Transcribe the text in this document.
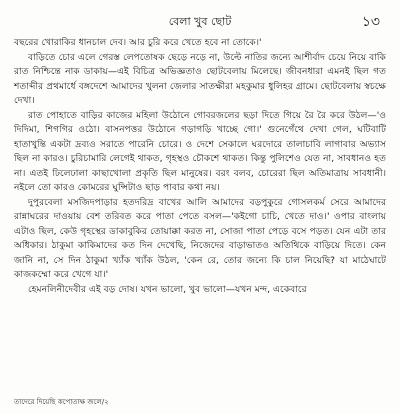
বেলা খুব ছোট	১৩

বছরের খোরাকির ধানচাল দেব। আর চুরি করে খেতে হবে না তোকে।'

বাড়িতে চোর এলে গেরস্ত লেপতোষক ছেড়ে নড়ে না, উল্টে নাতির জন্যে আশীর্বাদ চেয়ে নিয়ে বাকি রাত নিশ্চিন্তে নাক ডাকায়—এই বিচিত্র অভিজ্ঞতাও ছোটবেলায় মিলেছে। জীবনধারা এমনই ছিল গত শতাব্দীর প্রথমার্ধে বঙ্গদেশে আমাদের খুলনা জেলার সাতক্ষীরা মহকুমার ধুলিহর গ্রামে। ছোটবেলায় স্বচক্ষে দেখা।

রাত পোহাতে বাড়ির কাজের মহিলা উঠোনে গোবরজলের ছড়া দিতে গিয়ে রৈ রৈ করে উঠল—'ও দিদিমা, শিগগির ওঠো। বাসনপত্তর উঠোনে গড়াগড়ি খাচ্ছে গো।' গুনেগেঁথে দেখা গেল, ঘটিবাটি হাতাখুন্তি একটা দ্রব্যও সরাতে পারেনি চোরে। ও দেশে সেকালে ঘরদোরে তালাচাবি লাগাবার অভ্যাস ছিল না কারও। চুরিচামারি লেগেই থাকত, গৃহস্থও চৌকশে থাকত। কিন্তু পুলিশেও যেত না, সাবধানও হত না। এতই ঢিলেঢালা কাছাখোলা প্রকৃতি ছিল মানুষের। বরং বলব, চোরেরা ছিল অতিমাত্রায় সাবধানী। নইলে তো কারও কোমরের ঘুন্সিটাও ছাড় পাবার কথা নয়।

দুপুরবেলা মসজিদপাড়ার হতদরিদ্র বাখের আলি আমাদের বড়পুকুরে গোসলকর্ম সেরে আমাদের রান্নাঘরের দাওয়ায় বেশ তরিবত করে পাতা পেতে বসল—'কইগো চাচি, খেতে দাও।' ওপার বাংলায় এটাও ছিল, কেউ গৃহস্থের ডাকাবুকির তোয়াক্কা করত না, সোজা পাতা পেড়ে বসে পড়ত। যেন এটা তার অধিকার। ঠাকুমা কাকিমাদের কত দিন দেখেছি, নিজেদের বাড়াভাতও অতিথিকে বাড়িয়ে দিতে। কেন জানি না, সে দিন ঠাকুমা খ্যাঁক খ্যাঁক উঠল, 'কেন রে, তোর জন্যে কি চাল নিয়েছি? যা মাঠেঘাটে কাজকম্মো করে খেগে যা।'

হেমনলিনীদেবীর এই বড় দোষ। যখন ভালো, খুব ভালো—যখন মন্দ, একেবারে

তাদেরে দিয়েছি কপোতাক্ষ জলে/২
